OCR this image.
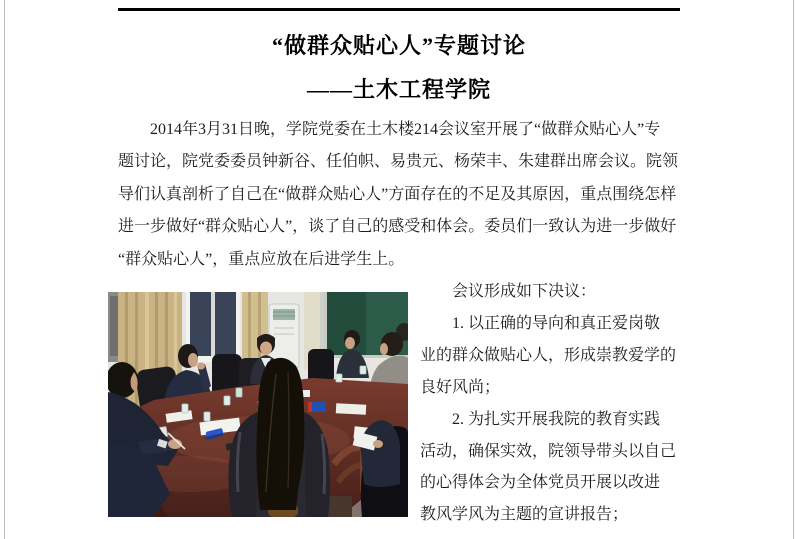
“做群众贴心人”专题讨论
——土木工程学院
2014年3月31日晚，学院党委在土木楼214会议室开展了“做群众贴心人”专
题讨论，院党委委员钟新谷、任伯帜、易贵元、杨荣丰、朱建群出席会议。院领
导们认真剖析了自己在“做群众贴心人”方面存在的不足及其原因，重点围绕怎样
进一步做好“群众贴心人”，谈了自己的感受和体会。委员们一致认为进一步做好
“群众贴心人”，重点应放在后进学生上。
会议形成如下决议：
1. 以正确的导向和真正爱岗敬
业的群众做贴心人，形成崇教爱学的
良好风尚；
2. 为扎实开展我院的教育实践
活动，确保实效，院领导带头以自己
的心得体会为全体党员开展以改进
教风学风为主题的宣讲报告；
